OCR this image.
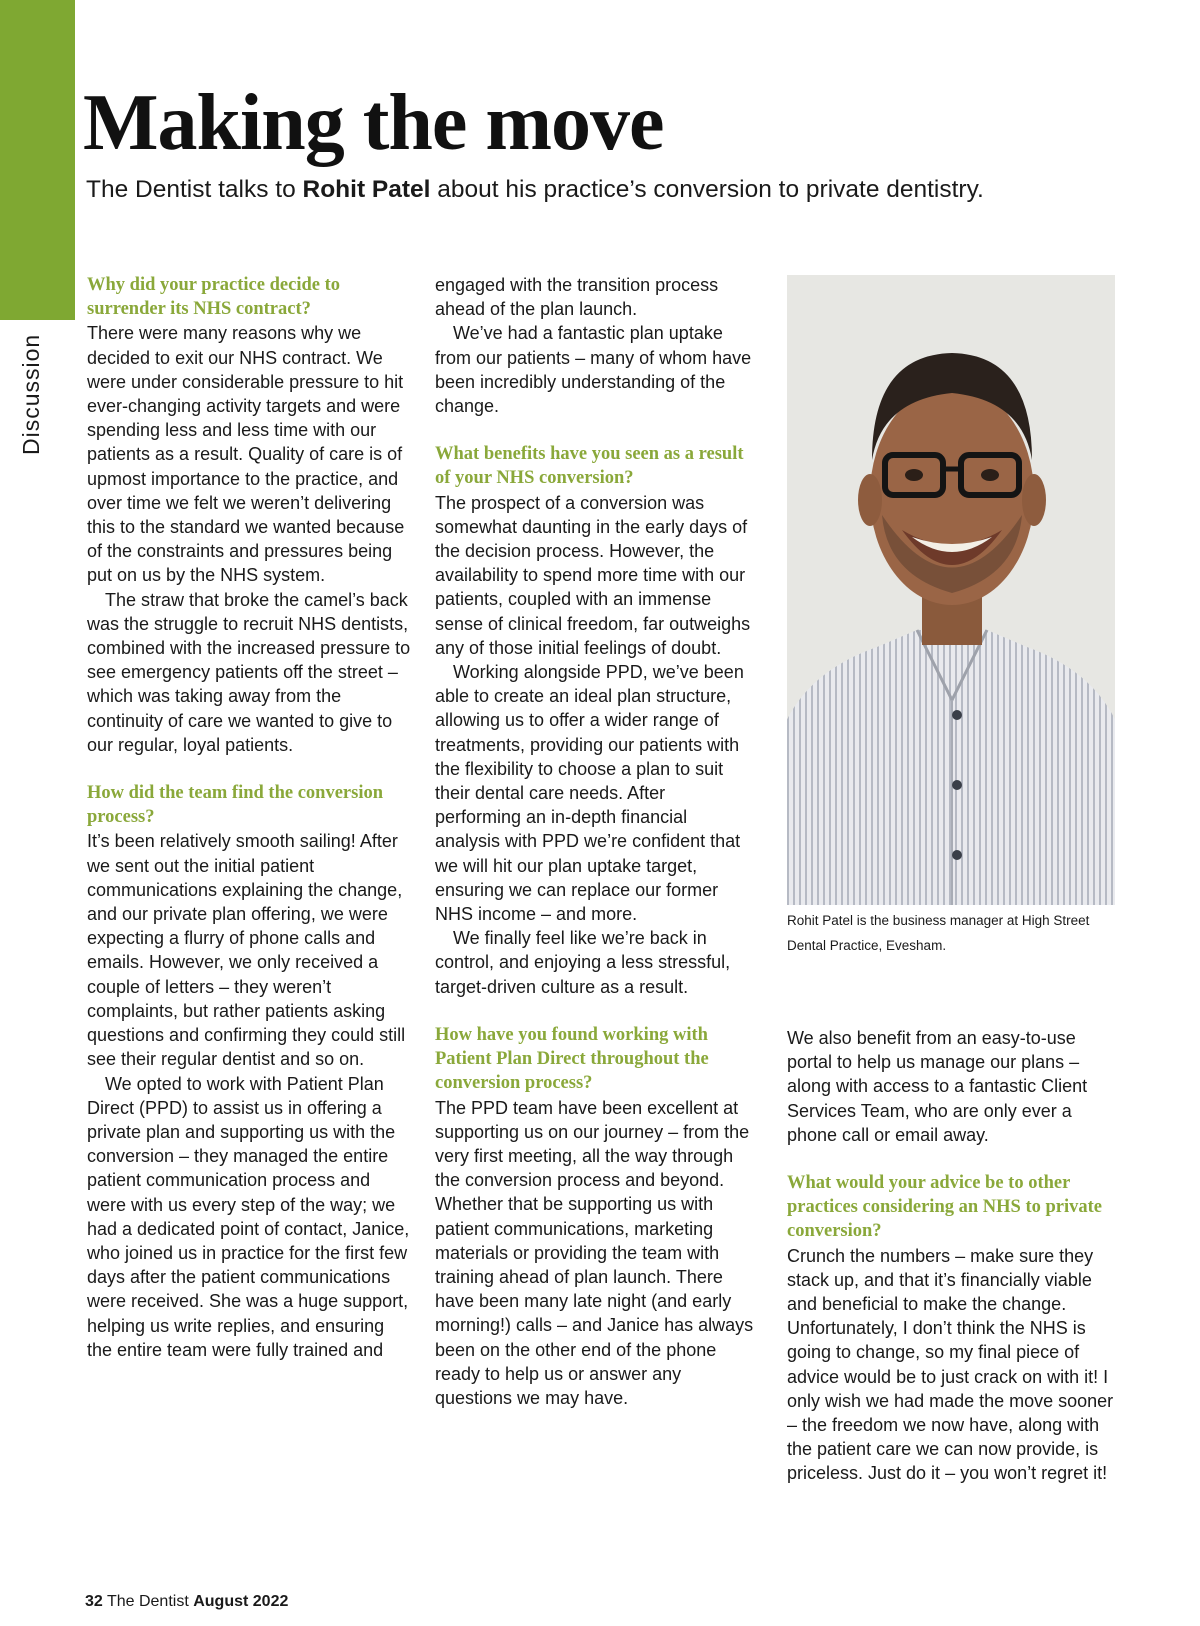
Discussion
Making the move

The Dentist talks to Rohit Patel about his practice’s conversion to private dentistry.

Why did your practice decide to surrender its NHS contract?

There were many reasons why we decided to exit our NHS contract. We were under considerable pressure to hit ever-changing activity targets and were spending less and less time with our patients as a result. Quality of care is of upmost importance to the practice, and over time we felt we weren’t delivering this to the standard we wanted because of the constraints and pressures being put on us by the NHS system.

The straw that broke the camel’s back was the struggle to recruit NHS dentists, combined with the increased pressure to see emergency patients off the street – which was taking away from the continuity of care we wanted to give to our regular, loyal patients.

How did the team find the conversion process?

It’s been relatively smooth sailing! After we sent out the initial patient communications explaining the change, and our private plan offering, we were expecting a flurry of phone calls and emails. However, we only received a couple of letters – they weren’t complaints, but rather patients asking questions and confirming they could still see their regular dentist and so on.

We opted to work with Patient Plan Direct (PPD) to assist us in offering a private plan and supporting us with the conversion – they managed the entire patient communication process and were with us every step of the way; we had a dedicated point of contact, Janice, who joined us in practice for the first few days after the patient communications were received. She was a huge support, helping us write replies, and ensuring the entire team were fully trained and

engaged with the transition process ahead of the plan launch.

We’ve had a fantastic plan uptake from our patients – many of whom have been incredibly understanding of the change.

What benefits have you seen as a result of your NHS conversion?

The prospect of a conversion was somewhat daunting in the early days of the decision process. However, the availability to spend more time with our patients, coupled with an immense sense of clinical freedom, far outweighs any of those initial feelings of doubt.

Working alongside PPD, we’ve been able to create an ideal plan structure, allowing us to offer a wider range of treatments, providing our patients with the flexibility to choose a plan to suit their dental care needs. After performing an in-depth financial analysis with PPD we’re confident that we will hit our plan uptake target, ensuring we can replace our former NHS income – and more.

We finally feel like we’re back in control, and enjoying a less stressful, target-driven culture as a result.

How have you found working with Patient Plan Direct throughout the conversion process?

The PPD team have been excellent at supporting us on our journey – from the very first meeting, all the way through the conversion process and beyond. Whether that be supporting us with patient communications, marketing materials or providing the team with training ahead of plan launch. There have been many late night (and early morning!) calls – and Janice has always been on the other end of the phone ready to help us or answer any questions we may have.

Rohit Patel is the business manager at High Street Dental Practice, Evesham.

We also benefit from an easy-to-use portal to help us manage our plans – along with access to a fantastic Client Services Team, who are only ever a phone call or email away.

What would your advice be to other practices considering an NHS to private conversion?

Crunch the numbers – make sure they stack up, and that it’s financially viable and beneficial to make the change.

Unfortunately, I don’t think the NHS is going to change, so my final piece of advice would be to just crack on with it! I only wish we had made the move sooner – the freedom we now have, along with the patient care we can now provide, is priceless. Just do it – you won’t regret it!

32 The Dentist August 2022
